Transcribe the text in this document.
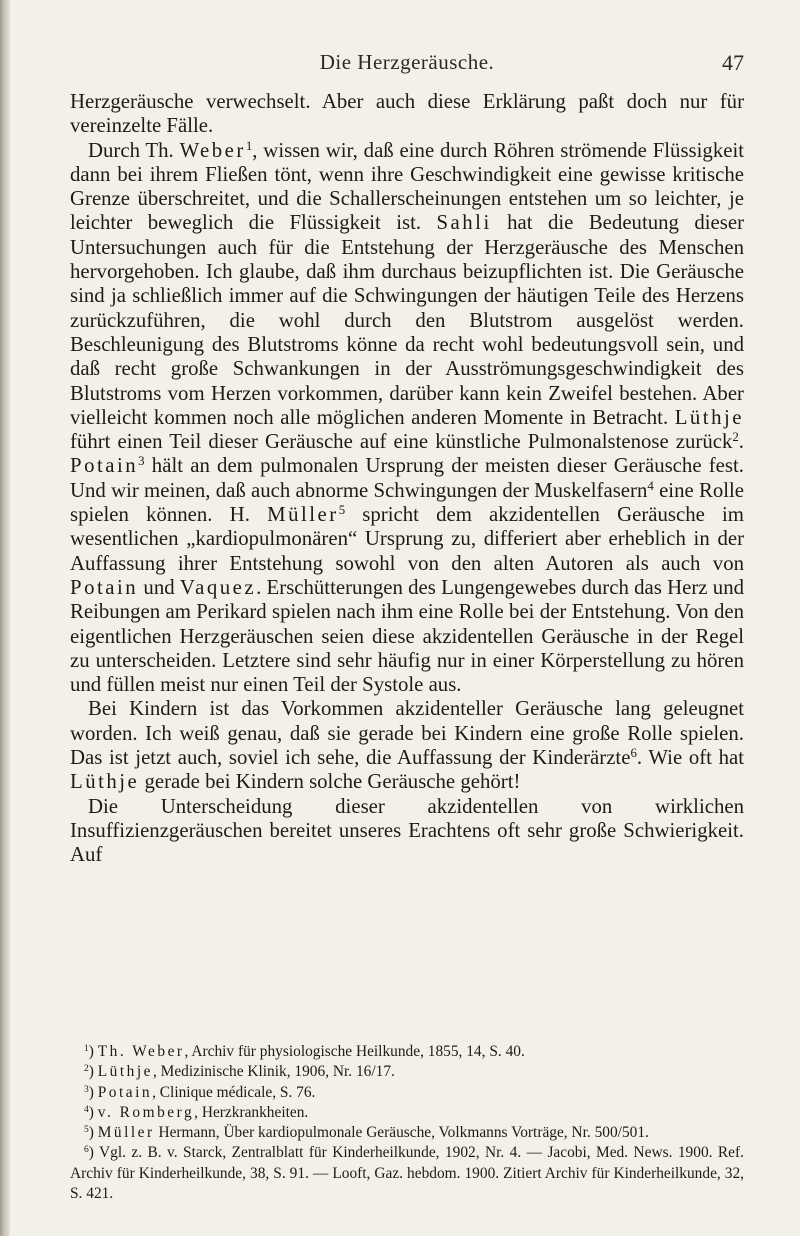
Die Herzgeräusche.	47

Herzgeräusche verwechselt. Aber auch diese Erklärung paßt doch nur für vereinzelte Fälle.

Durch Th. Weber$^1$, wissen wir, daß eine durch Röhren strömende Flüssigkeit dann bei ihrem Fließen tönt, wenn ihre Geschwindigkeit eine gewisse kritische Grenze überschreitet, und die Schallerscheinungen entstehen um so leichter, je leichter beweglich die Flüssigkeit ist. Sahli hat die Bedeutung dieser Untersuchungen auch für die Entstehung der Herzgeräusche des Menschen hervorgehoben. Ich glaube, daß ihm durchaus beizupflichten ist. Die Geräusche sind ja schließlich immer auf die Schwingungen der häutigen Teile des Herzens zurückzuführen, die wohl durch den Blutstrom ausgelöst werden. Beschleunigung des Blutstroms könne da recht wohl bedeutungsvoll sein, und daß recht große Schwankungen in der Ausströmungsgeschwindigkeit des Blutstroms vom Herzen vorkommen, darüber kann kein Zweifel bestehen. Aber vielleicht kommen noch alle möglichen anderen Momente in Betracht. Lüthje führt einen Teil dieser Geräusche auf eine künstliche Pulmonalstenose zurück$^2$. Potain$^3$ hält an dem pulmonalen Ursprung der meisten dieser Geräusche fest. Und wir meinen, daß auch abnorme Schwingungen der Muskelfasern$^4$ eine Rolle spielen können. H. Müller$^5$ spricht dem akzidentellen Geräusche im wesentlichen „kardiopulmonären“ Ursprung zu, differiert aber erheblich in der Auffassung ihrer Entstehung sowohl von den alten Autoren als auch von Potain und Vaquez. Erschütterungen des Lungengewebes durch das Herz und Reibungen am Perikard spielen nach ihm eine Rolle bei der Entstehung. Von den eigentlichen Herzgeräuschen seien diese akzidentellen Geräusche in der Regel zu unterscheiden. Letztere sind sehr häufig nur in einer Körperstellung zu hören und füllen meist nur einen Teil der Systole aus.

Bei Kindern ist das Vorkommen akzidenteller Geräusche lang geleugnet worden. Ich weiß genau, daß sie gerade bei Kindern eine große Rolle spielen. Das ist jetzt auch, soviel ich sehe, die Auffassung der Kinderärzte$^6$. Wie oft hat Lüthje gerade bei Kindern solche Geräusche gehört!

Die Unterscheidung dieser akzidentellen von wirklichen Insuffizienzgeräuschen bereitet unseres Erachtens oft sehr große Schwierigkeit. Auf

$^1$) Th. Weber, Archiv für physiologische Heilkunde, 1855, 14, S. 40.

$^2$) Lüthje, Medizinische Klinik, 1906, Nr. 16/17.

$^3$) Potain, Clinique médicale, S. 76.

$^4$) v. Romberg, Herzkrankheiten.

$^5$) Müller Hermann, Über kardiopulmonale Geräusche, Volkmanns Vorträge, Nr. 500/501.

$^6$) Vgl. z. B. v. Starck, Zentralblatt für Kinderheilkunde, 1902, Nr. 4. — Jacobi, Med. News. 1900. Ref. Archiv für Kinderheilkunde, 38, S. 91. — Looft, Gaz. hebdom. 1900. Zitiert Archiv für Kinderheilkunde, 32, S. 421.
